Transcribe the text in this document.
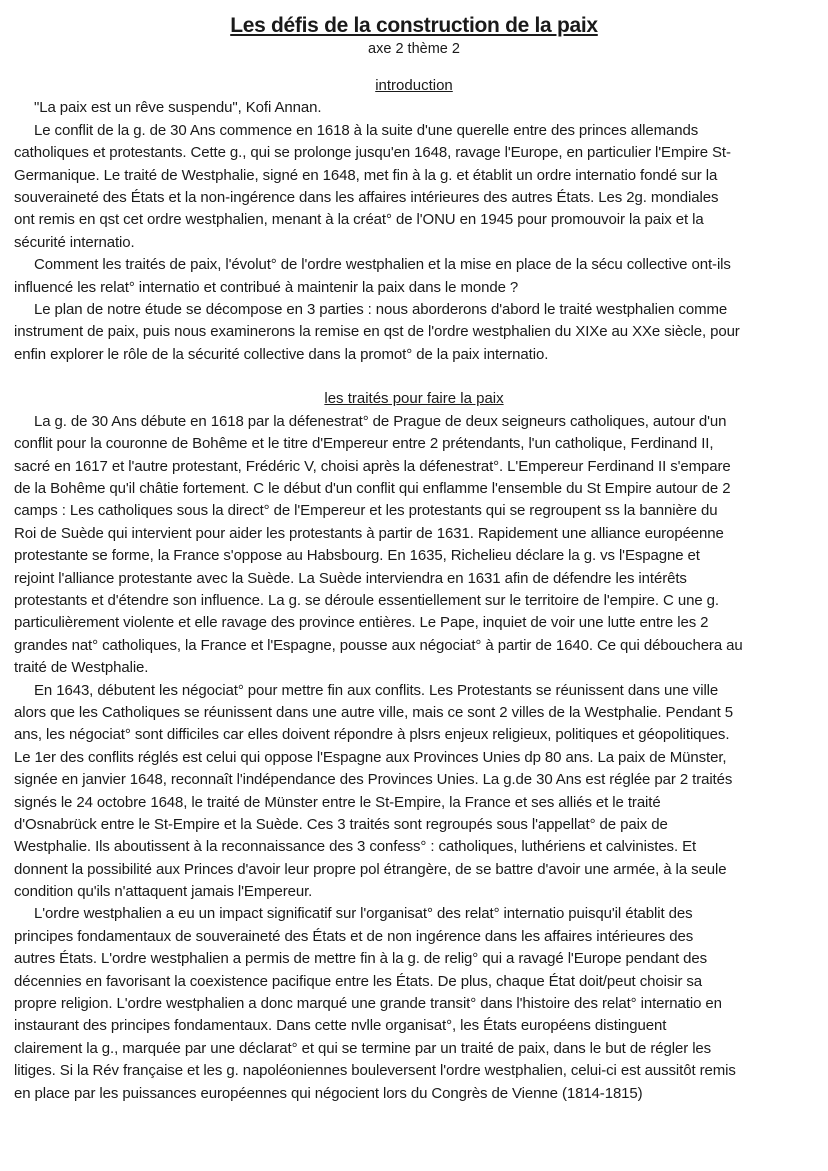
Les défis de la construction de la paix
axe 2 thème 2
introduction
"La paix est un rêve suspendu", Kofi Annan.
Le conflit de la g. de 30 Ans commence en 1618 à la suite d'une querelle entre des princes allemands
catholiques et protestants. Cette g., qui se prolonge jusqu'en 1648, ravage l'Europe, en particulier l'Empire St-
Germanique. Le traité de Westphalie, signé en 1648, met fin à la g. et établit un ordre internatio fondé sur la
souveraineté des États et la non-ingérence dans les affaires intérieures des autres États. Les 2g. mondiales
ont remis en qst cet ordre westphalien, menant à la créat° de l'ONU en 1945 pour promouvoir la paix et la
sécurité internatio.
Comment les traités de paix, l'évolut° de l'ordre westphalien et la mise en place de la sécu collective ont-ils
influencé les relat° internatio et contribué à maintenir la paix dans le monde ?
Le plan de notre étude se décompose en 3 parties : nous aborderons d'abord le traité westphalien comme
instrument de paix, puis nous examinerons la remise en qst de l'ordre westphalien du XIXe au XXe siècle, pour
enfin explorer le rôle de la sécurité collective dans la promot° de la paix internatio.
les traités pour faire la paix
La g. de 30 Ans débute en 1618 par la défenestrat° de Prague de deux seigneurs catholiques, autour d'un
conflit pour la couronne de Bohême et le titre d'Empereur entre 2 prétendants, l'un catholique, Ferdinand II,
sacré en 1617 et l'autre protestant, Frédéric V, choisi après la défenestrat°. L'Empereur Ferdinand II s'empare
de la Bohême qu'il châtie fortement. C le début d'un conflit qui enflamme l'ensemble du St Empire autour de 2
camps : Les catholiques sous la direct° de l'Empereur et les protestants qui se regroupent ss la bannière du
Roi de Suède qui intervient pour aider les protestants à partir de 1631. Rapidement une alliance européenne
protestante se forme, la France s'oppose au Habsbourg. En 1635, Richelieu déclare la g. vs l'Espagne et
rejoint l'alliance protestante avec la Suède. La Suède interviendra en 1631 afin de défendre les intérêts
protestants et d'étendre son influence. La g. se déroule essentiellement sur le territoire de l'empire. C une g.
particulièrement violente et elle ravage des province entières. Le Pape, inquiet de voir une lutte entre les 2
grandes nat° catholiques, la France et l'Espagne, pousse aux négociat° à partir de 1640. Ce qui débouchera au
traité de Westphalie.
En 1643, débutent les négociat° pour mettre fin aux conflits. Les Protestants se réunissent dans une ville
alors que les Catholiques se réunissent dans une autre ville, mais ce sont 2 villes de la Westphalie. Pendant 5
ans, les négociat° sont difficiles car elles doivent répondre à plsrs enjeux religieux, politiques et géopolitiques.
Le 1er des conflits réglés est celui qui oppose l'Espagne aux Provinces Unies dp 80 ans. La paix de Münster,
signée en janvier 1648, reconnaît l'indépendance des Provinces Unies. La g.de 30 Ans est réglée par 2 traités
signés le 24 octobre 1648, le traité de Münster entre le St-Empire, la France et ses alliés et le traité
d'Osnabrück entre le St-Empire et la Suède. Ces 3 traités sont regroupés sous l'appellat° de paix de
Westphalie. Ils aboutissent à la reconnaissance des 3 confess° : catholiques, luthériens et calvinistes. Et
donnent la possibilité aux Princes d'avoir leur propre pol étrangère, de se battre d'avoir une armée, à la seule
condition qu'ils n'attaquent jamais l'Empereur.
L'ordre westphalien a eu un impact significatif sur l'organisat° des relat° internatio puisqu'il établit des
principes fondamentaux de souveraineté des États et de non ingérence dans les affaires intérieures des
autres États. L'ordre westphalien a permis de mettre fin à la g. de relig° qui a ravagé l'Europe pendant des
décennies en favorisant la coexistence pacifique entre les États. De plus, chaque État doit/peut choisir sa
propre religion. L'ordre westphalien a donc marqué une grande transit° dans l'histoire des relat° internatio en
instaurant des principes fondamentaux. Dans cette nvlle organisat°, les États européens distinguent
clairement la g., marquée par une déclarat° et qui se termine par un traité de paix, dans le but de régler les
litiges. Si la Rév française et les g. napoléoniennes bouleversent l'ordre westphalien, celui-ci est aussitôt remis
en place par les puissances européennes qui négocient lors du Congrès de Vienne (1814-1815)
